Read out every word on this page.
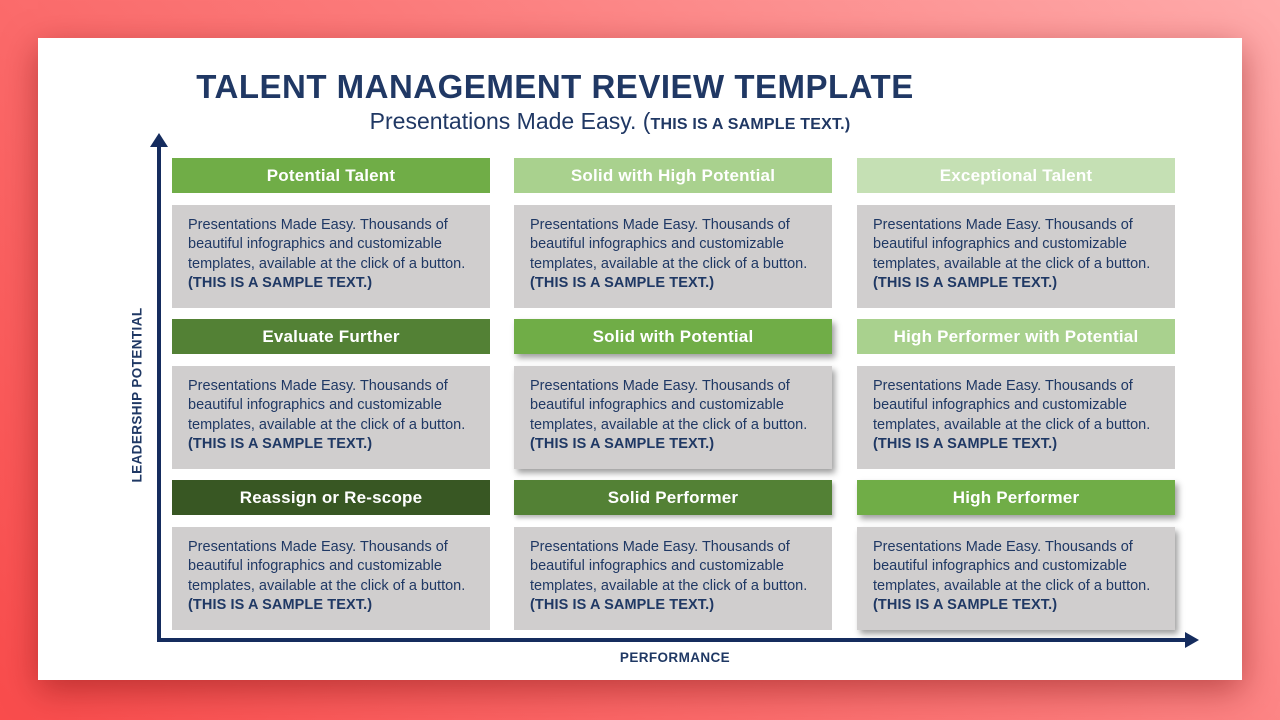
TALENT MANAGEMENT REVIEW TEMPLATE
Presentations Made Easy. (THIS IS A SAMPLE TEXT.)
LEADERSHIP POTENTIAL
PERFORMANCE
Potential Talent
Presentations Made Easy. Thousands of beautiful infographics and customizable templates, available at the click of a button. (THIS IS A SAMPLE TEXT.)
Solid with High Potential
Presentations Made Easy. Thousands of beautiful infographics and customizable templates, available at the click of a button. (THIS IS A SAMPLE TEXT.)
Exceptional Talent
Presentations Made Easy. Thousands of beautiful infographics and customizable templates, available at the click of a button. (THIS IS A SAMPLE TEXT.)
Evaluate Further
Presentations Made Easy. Thousands of beautiful infographics and customizable templates, available at the click of a button. (THIS IS A SAMPLE TEXT.)
Solid with Potential
Presentations Made Easy. Thousands of beautiful infographics and customizable templates, available at the click of a button. (THIS IS A SAMPLE TEXT.)
High Performer with Potential
Presentations Made Easy. Thousands of beautiful infographics and customizable templates, available at the click of a button. (THIS IS A SAMPLE TEXT.)
Reassign or Re-scope
Presentations Made Easy. Thousands of beautiful infographics and customizable templates, available at the click of a button. (THIS IS A SAMPLE TEXT.)
Solid Performer
Presentations Made Easy. Thousands of beautiful infographics and customizable templates, available at the click of a button. (THIS IS A SAMPLE TEXT.)
High Performer
Presentations Made Easy. Thousands of beautiful infographics and customizable templates, available at the click of a button. (THIS IS A SAMPLE TEXT.)
